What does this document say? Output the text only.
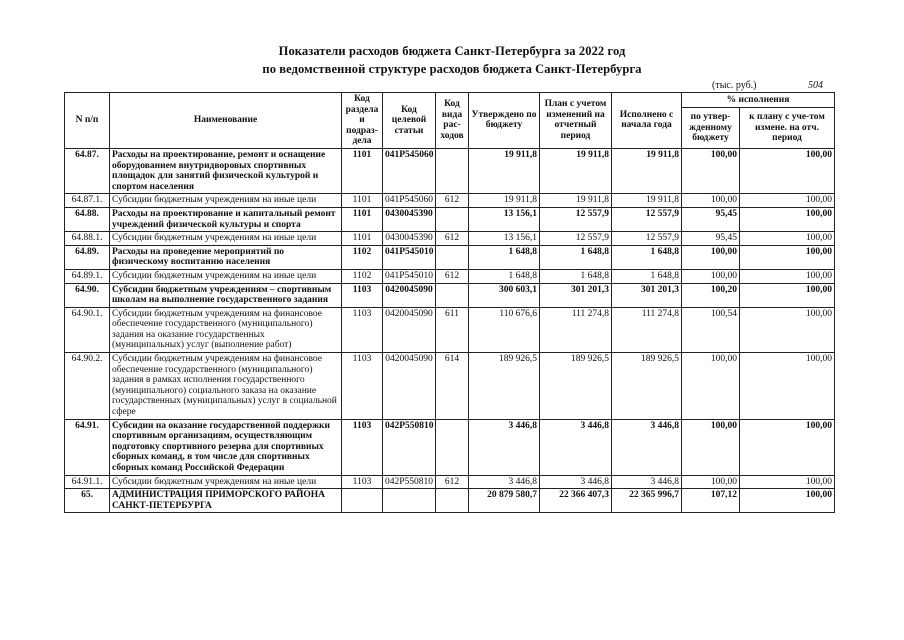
Показатели расходов бюджета Санкт-Петербурга за 2022 год
по ведомственной структуре расходов бюджета Санкт-Петербурга
(тыс. руб.)	504
N п/п	Наименование	Код раздела и подраз-дела	Код целевой статьи	Код вида рас-ходов	Утверждено по бюджету	План с учетом изменений на отчетный период	Исполнено с начала года	% исполнения	
								по утвер-жденному бюджету	к плану с уче-том измене. на отч. период
64.87.	Расходы на проектирование, ремонт и оснащение оборудованием внутридворовых спортивных площадок для занятий физической культурой и спортом населения	1101	041P545060		19 911,8	19 911,8	19 911,8	100,00	100,00
64.87.1.	Субсидии бюджетным учреждениям на иные цели	1101	041P545060	612	19 911,8	19 911,8	19 911,8	100,00	100,00
64.88.	Расходы на проектирование и капитальный ремонт учреждений физической культуры и спорта	1101	0430045390		13 156,1	12 557,9	12 557,9	95,45	100,00
64.88.1.	Субсидии бюджетным учреждениям на иные цели	1101	0430045390	612	13 156,1	12 557,9	12 557,9	95,45	100,00
64.89.	Расходы на проведение мероприятий по физическому воспитанию населения	1102	041P545010		1 648,8	1 648,8	1 648,8	100,00	100,00
64.89.1.	Субсидии бюджетным учреждениям на иные цели	1102	041P545010	612	1 648,8	1 648,8	1 648,8	100,00	100,00
64.90.	Субсидии бюджетным учреждениям – спортивным школам на выполнение государственного задания	1103	0420045090		300 603,1	301 201,3	301 201,3	100,20	100,00
64.90.1.	Субсидии бюджетным учреждениям на финансовое обеспечение государственного (муниципального) задания на оказание государственных (муниципальных) услуг (выполнение работ)	1103	0420045090	611	110 676,6	111 274,8	111 274,8	100,54	100,00
64.90.2.	Субсидии бюджетным учреждениям на финансовое обеспечение государственного (муниципального) задания в рамках исполнения государственного (муниципального) социального заказа на оказание государственных (муниципальных) услуг в социальной сфере	1103	0420045090	614	189 926,5	189 926,5	189 926,5	100,00	100,00
64.91.	Субсидии на оказание государственной поддержки спортивным организациям, осуществляющим подготовку спортивного резерва для спортивных сборных команд, в том числе для спортивных сборных команд Российской Федерации	1103	042P550810		3 446,8	3 446,8	3 446,8	100,00	100,00
64.91.1.	Субсидии бюджетным учреждениям на иные цели	1103	042P550810	612	3 446,8	3 446,8	3 446,8	100,00	100,00
65.	АДМИНИСТРАЦИЯ ПРИМОРСКОГО РАЙОНА САНКТ-ПЕТЕРБУРГА				20 879 580,7	22 366 407,3	22 365 996,7	107,12	100,00
